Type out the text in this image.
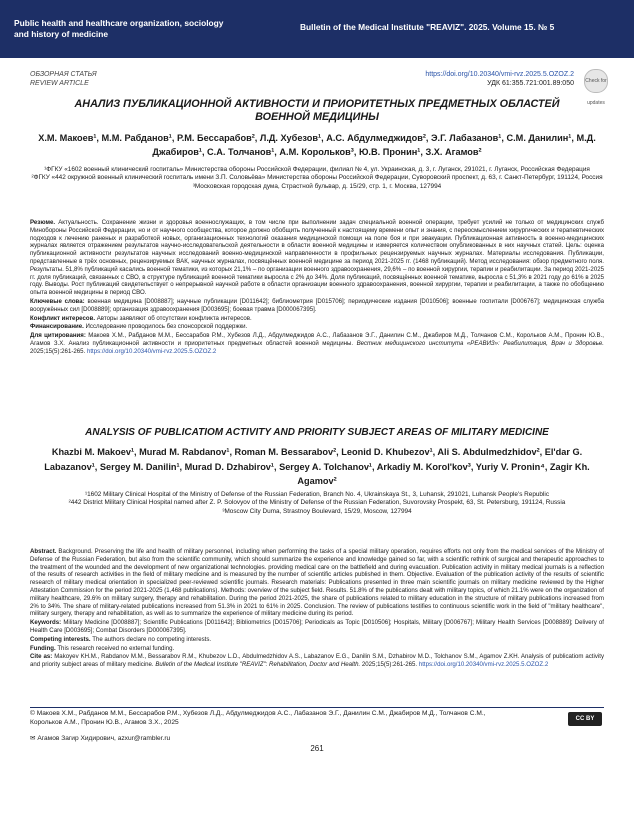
Public health and healthcare organization, sociology and history of medicine
Bulletin of the Medical Institute "REAVIZ". 2025. Volume 15. № 5
ОБЗОРНАЯ СТАТЬЯ
REVIEW ARTICLE
https://doi.org/10.20340/vmi-rvz.2025.5.OZOZ.2
УДК 61:355.721:001.89:050 Check for updates
АНАЛИЗ ПУБЛИКАЦИОННОЙ АКТИВНОСТИ И ПРИОРИТЕТНЫХ ПРЕДМЕТНЫХ ОБЛАСТЕЙ ВОЕННОЙ МЕДИЦИНЫ
Х.М. Макоев¹, М.М. Рабданов¹, Р.М. Бессарабов², Л.Д. Хубезов¹, А.С. Абдулмеджидов², Э.Г. Лабазанов¹, С.М. Данилин¹, М.Д. Джабиров¹, С.А. Толчанов¹, А.М. Корольков³, Ю.В. Пронин¹, З.Х. Агамов²

¹ФГКУ «1602 военный клинический госпиталь» Министерства обороны Российской Федерации, филиал № 4, ул. Украинская, д. 3, г. Луганск, 291021, г. Луганск, Российская Федерация

²ФГКУ «442 окружной военный клинический госпиталь имени З.П. Соловьёва» Министерства обороны Российской Федерации, Суворовский проспект, д. 63, г. Санкт-Петербург, 191124, Россия

³Московская городская дума, Страстной бульвар, д. 15/29, стр. 1, г. Москва, 127994

Резюме. Актуальность. Сохранение жизни и здоровья военнослужащих, в том числе при выполнении задач специальной военной операции, требует усилий не только от медицинских служб Минобороны Российской Федерации, но и от научного сообщества, которое должно обобщить полученный к настоящему времени опыт и знания, с переосмыслением хирургических и терапевтических подходов к лечению раненых и разработкой новых, организационных технологий оказания медицинской помощи на поле боя и при эвакуации. Публикационная активность в военно-медицинских журналах является отражением результатов научно-исследовательской деятельности в области военной медицины и измеряется количеством опубликованных в них научных статей. Цель: оценка публикационной активности результатов научных исследований военно-медицинской направленности в профильных рецензируемых научных журналах. Материалы исследования. Публикации, представленные в трёх основных, рецензируемых ВАК, научных журналах, посвящённых военной медицине за период 2021-2025 гг. (1468 публикаций). Метод исследования: обзор предметного поля. Результаты. 51,8% публикаций касались военной тематики, из которых 21,1% – по организации военного здравоохранения, 29,6% – по военной хирургии, терапии и реабилитации. За период 2021-2025 гг. доля публикаций, связанных с СВО, в структуре публикаций военной тематики выросла с 2% до 34%. Доля публикаций, посвящённых военной тематике, выросла с 51,3% в 2021 году до 61% в 2025 году. Выводы. Рост публикаций свидетельствует о непрерывной научной работе в области организации военного здравоохранения, военной хирургии, терапии и реабилитации, а также по обобщению опыта военной медицины в период СВО.

Ключевые слова: военная медицина [D008887]; научные публикации [D011642]; библиометрия [D015706]; периодические издания [D010506]; военные госпитали [D006767]; медицинская служба вооружённых сил [D008889]; организация здравоохранения [D003695]; боевая травма [D000067395].

Конфликт интересов. Авторы заявляют об отсутствии конфликта интересов.

Финансирование. Исследование проводилось без спонсорской поддержки.

Для цитирования: Макоев Х.М., Рабданов М.М., Бессарабов Р.М., Хубезов Л.Д., Абдулмеджидов А.С., Лабазанов Э.Г., Данилин С.М., Джабиров М.Д., Толчанов С.М., Корольков А.М., Пронин Ю.В., Агамов З.Х. Анализ публикационной активности и приоритетных предметных областей военной медицины. Вестник медицинского института «РЕАВИЗ»: Реабилитация, Врач и Здоровье. 2025;15(5):261-265. https://doi.org/10.20340/vmi-rvz.2025.5.OZOZ.2

ANALYSIS OF PUBLICATIOM ACTIVITY AND PRIORITY SUBJECT AREAS OF MILITARY MEDICINE
Khazbi M. Makoev¹, Murad M. Rabdanov¹, Roman M. Bessarabov², Leonid D. Khubezov¹, Ali S. Abdulmedzhidov², El'dar G. Labazanov¹, Sergey M. Danilin¹, Murad D. Dzhabirov¹, Sergey A. Tolchanov¹, Arkadiy M. Korol'kov³, Yuriy V. Pronin⁴, Zagir Kh. Agamov²

¹1602 Military Clinical Hospital of the Ministry of Defense of the Russian Federation, Branch No. 4, Ukrainskaya St., 3, Luhansk, 291021, Luhansk People's Republic

²442 District Military Clinical Hospital named after Z. P. Solovyov of the Ministry of Defense of the Russian Federation, Suvorovsky Prospekt, 63, St. Petersburg, 191124, Russia

³Moscow City Duma, Strastnoy Boulevard, 15/29, Moscow, 127994

Abstract. Background. Preserving the life and health of military personnel, including when performing the tasks of a special military operation, requires efforts not only from the medical services of the Ministry of Defense of the Russian Federation, but also from the scientific community, which should summarize the experience and knowledge gained so far, with a scientific rethink of surgical and therapeutic approaches to the treatment of the wounded and the development of new organizational technologies. providing medical care on the battlefield and during evacuation. Publication activity in military medical journals is a reflection of the results of research activities in the field of military medicine and is measured by the number of scientific articles published in them. Objective. Evaluation of the publication activity of the results of scientific research of military medical orientation in specialized peer-reviewed scientific journals. Research materials: Publications presented in three main scientific journals on military medicine reviewed by the Higher Attestation Commission for the period 2021-2025 (1,468 publications). Methods: overview of the subject field. Results. 51.8% of the publications dealt with military topics, of which 21.1% were on the organization of military healthcare, 29.6% on military surgery, therapy and rehabilitation. During the period 2021-2025, the share of publications related to military education in the structure of military publications increased from 2% to 34%. The share of military-related publications increased from 51.3% in 2021 to 61% in 2025. Conclusion. The review of publications testifies to continuous scientific work in the field of "military healthcare", military surgery, therapy and rehabilitation, as well as to summarize the experience of military medicine during its period.

Keywords: Military Medicine [D008887]; Scientific Publications [D011642]; Bibliometrics [D015706]; Periodicals as Topic [D010506]; Hospitals, Military [D006767]; Military Health Services [D008889]; Delivery of Health Care [D003695]; Combat Disorders [D000067395].

Competing interests. The authors declare no competing interests.

Funding. This research received no external funding.

Cite as: Makoyev KH.M., Rabdanov M.M., Bessarabov R.M., Khubezov L.D., Abdulmedzhidov A.S., Labazanov E.G., Danilin S.M., Dzhabirov M.D., Tolchanov S.M., Agamov Z.KH. Analysis of publicatiom activity and priority subject areas of military medicine. Bulletin of the Medical Institute "REAVIZ": Rehabilitation, Doctor and Health. 2025;15(5):261-265. https://doi.org/10.20340/vmi-rvz.2025.5.OZOZ.2

© Макоев Х.М., Рабданов М.М., Бессарабов Р.М., Хубезов Л.Д., Абдулмеджидов А.С., Лабазанов Э.Г., Данилин С.М., Джабиров М.Д., Толчанов С.М., Корольков А.М., Пронин Ю.В., Агамов З.Х., 2025

✉ Агамов Загир Хидирович, azxur@rambler.ru
CC BY
261
